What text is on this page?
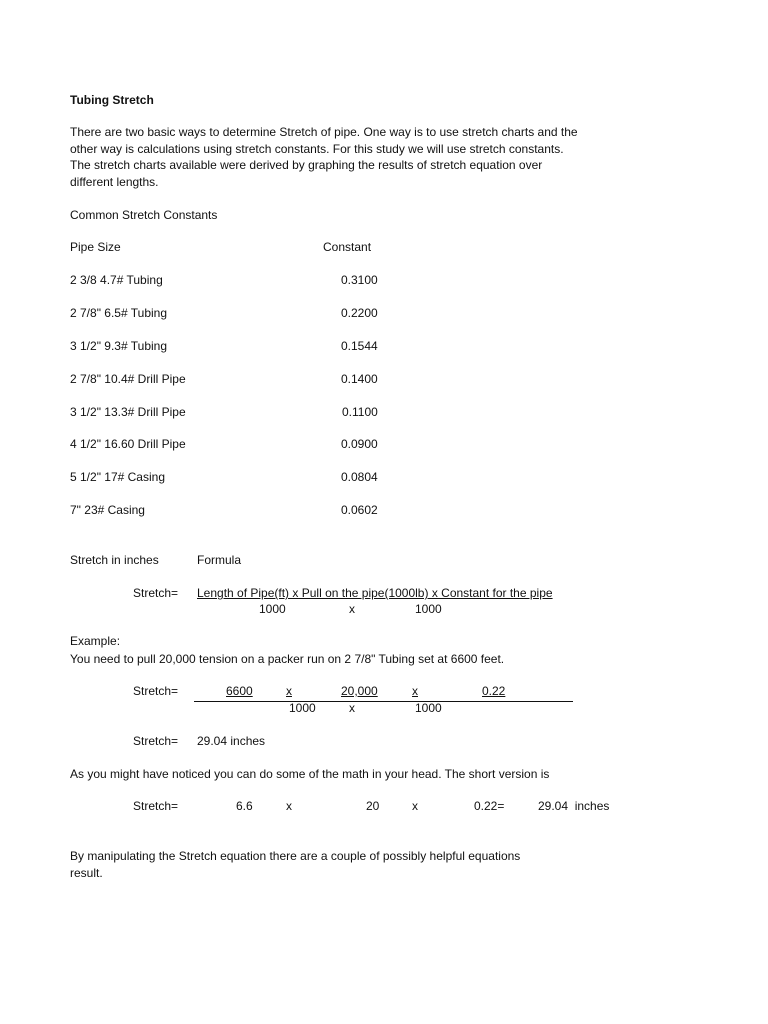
Tubing Stretch
There are two basic ways to determine Stretch of pipe. One way is to use stretch charts and the
other way is calculations using stretch constants. For this study we will use stretch constants.
The stretch charts available were derived by graphing the results of stretch equation over
different lengths.
Common Stretch Constants
Pipe Size	Constant
2 3/8 4.7# Tubing	0.3100
2 7/8" 6.5# Tubing	0.2200
3 1/2" 9.3# Tubing	0.1544
2 7/8" 10.4# Drill Pipe	0.1400
3 1/2" 13.3# Drill Pipe	0.1100
4 1/2" 16.60 Drill Pipe	0.0900
5 1/2" 17# Casing	0.0804
7" 23# Casing	0.0602
Stretch in inches	Formula
Stretch= Length of Pipe(ft) x Pull on the pipe(1000lb) x Constant for the pipe
1000	x	1000
Example:
You need to pull 20,000 tension on a packer run on 2 7/8" Tubing set at 6600 feet.
Stretch=	6600	x	20,000	x	0.22
1000	x	1000
Stretch= 29.04 inches
As you might have noticed you can do some of the math in your head. The short version is
Stretch=	6.6	x	20	x	0.22=	29.04  inches
By manipulating the Stretch equation there are a couple of possibly helpful equations
result.
